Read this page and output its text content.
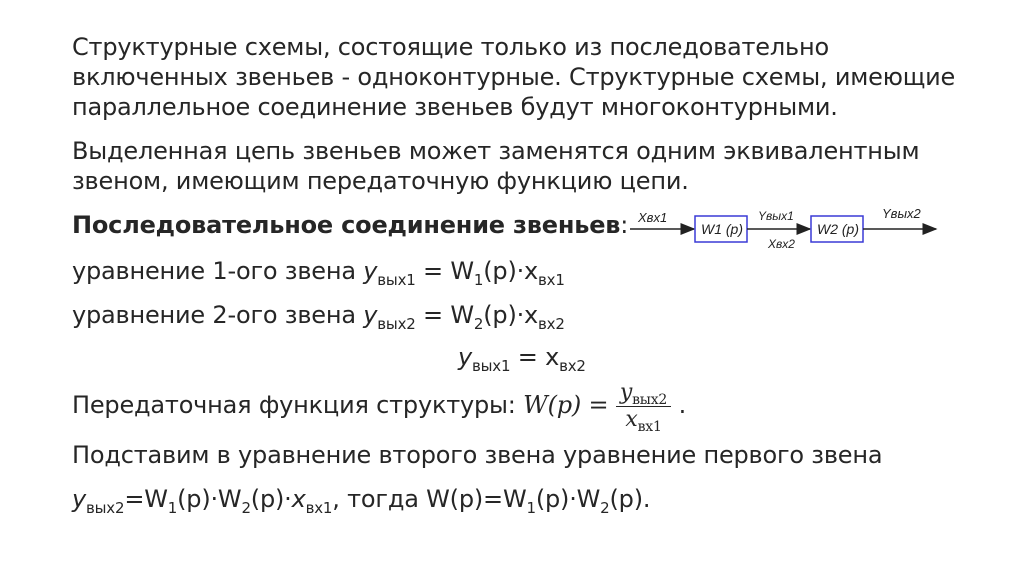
Структурные схемы, состоящие только из последовательно
включенных звеньев - одноконтурные. Структурные схемы, имеющие
параллельное соединение звеньев будут многоконтурными.
Выделенная цепь звеньев может заменятся одним эквивалентным
звеном, имеющим передаточную функцию цепи.
Последовательное соединение звеньев: Xвх1
W1 (p)
Yвых1
Xвх2
W2 (p)
Yвых2
уравнение 1-ого звена $y_{вых1} = W_1(p)\cdot x_{вх1}$
уравнение 2-ого звена $y_{вых2} = W_2(p)\cdot x_{вх2}$
$y_{вых1} = x_{вх2}$
Передаточная функция структуры: $W(p) = \frac{y_{вых2}}{x_{вх1}}$ .
Подставим в уравнение второго звена уравнение первого звена
$y_{вых2}=W_1(p)\cdot W_2(p)\cdot x_{вх1}$, тогда $W(p)=W_1(p)\cdot W_2(p)$.
